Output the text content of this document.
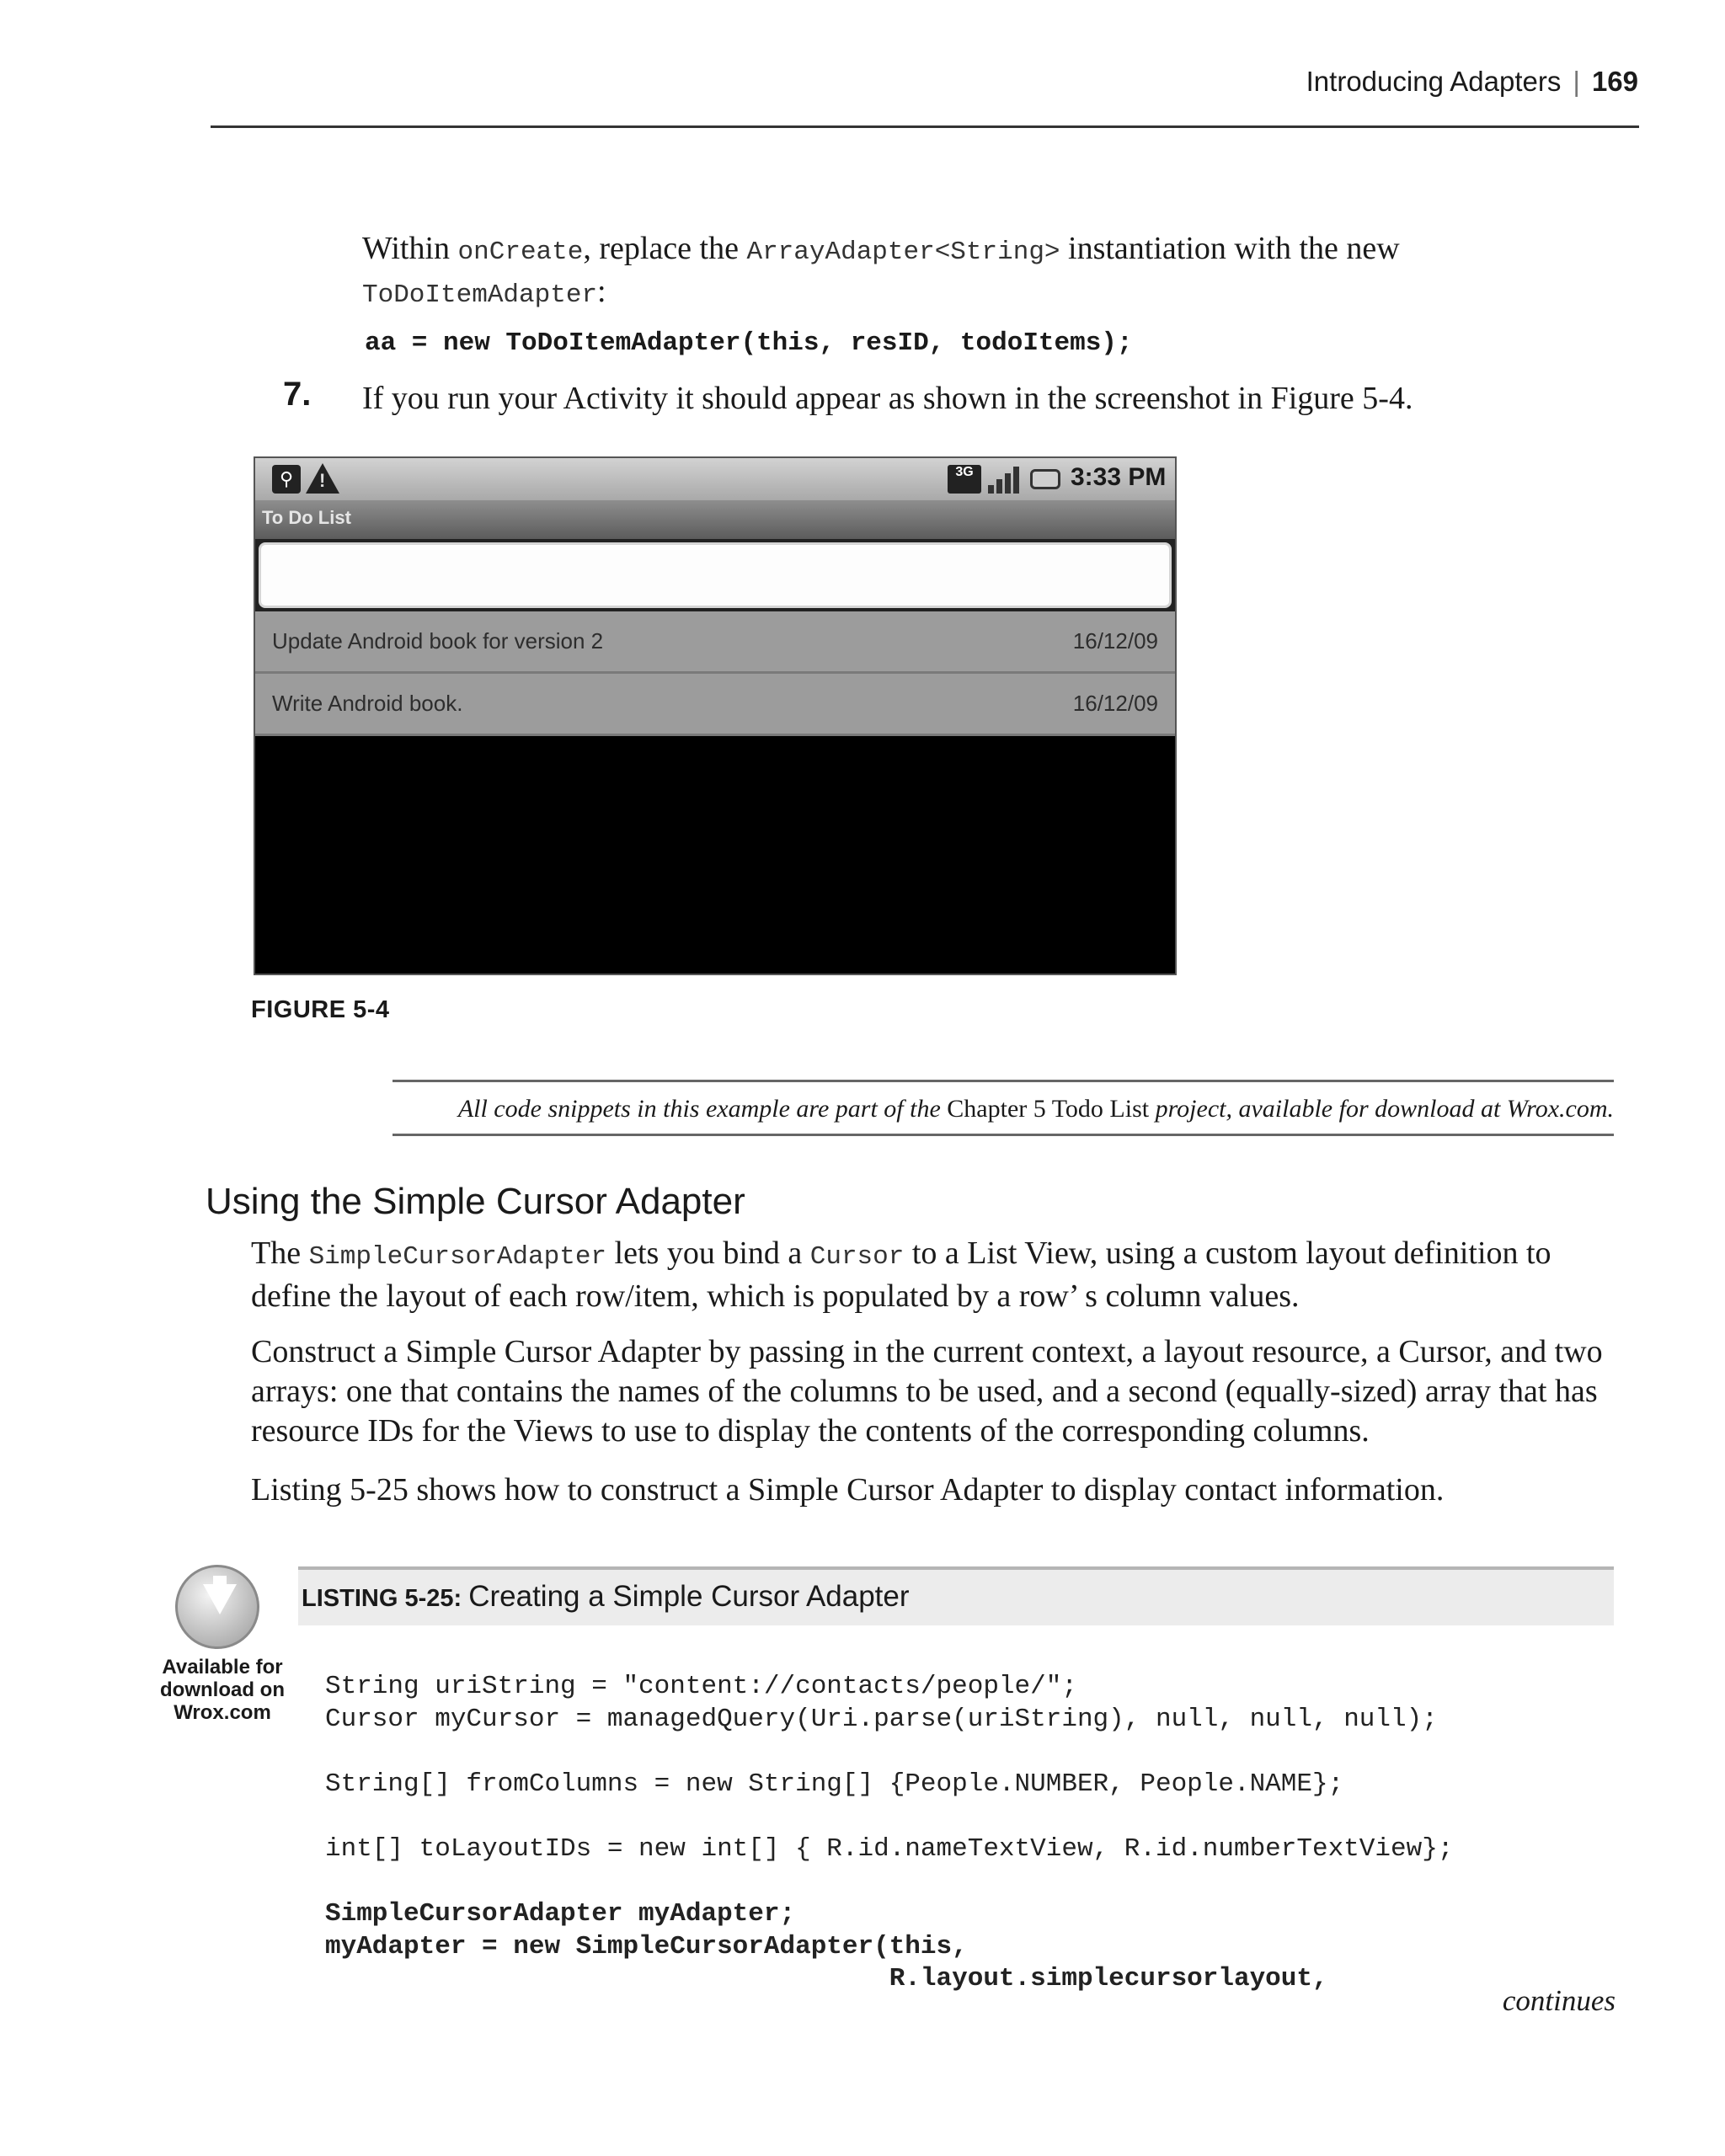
Introducing Adapters | 169
Within onCreate, replace the ArrayAdapter<String> instantiation with the new
ToDoItemAdapter:
aa = new ToDoItemAdapter(this, resID, todoItems);
7. If you run your Activity it should appear as shown in the screenshot in Figure 5-4.
⚲	!	3G	3:33 PM
To Do List
Update Android book for version 2	16/12/09
Write Android book.	16/12/09
FIGURE 5-4
All code snippets in this example are part of the Chapter 5 Todo List project, available for download at Wrox.com.
Using the Simple Cursor Adapter
The SimpleCursorAdapter lets you bind a Cursor to a List View, using a custom layout definition to define the layout of each row/item, which is populated by a row’ s column values.
Construct a Simple Cursor Adapter by passing in the current context, a layout resource, a Cursor, and two arrays: one that contains the names of the columns to be used, and a second (equally-sized) array that has resource IDs for the Views to use to display the contents of the corresponding columns.
Listing 5-25 shows how to construct a Simple Cursor Adapter to display contact information.
LISTING 5-25: Creating a Simple Cursor Adapter
Available for
download on
Wrox.com
String uriString = "content://contacts/people/";
Cursor myCursor = managedQuery(Uri.parse(uriString), null, null, null);

String[] fromColumns = new String[] {People.NUMBER, People.NAME};

int[] toLayoutIDs = new int[] { R.id.nameTextView, R.id.numberTextView};

SimpleCursorAdapter myAdapter;
myAdapter = new SimpleCursorAdapter(this,
R.layout.simplecursorlayout,
continues
